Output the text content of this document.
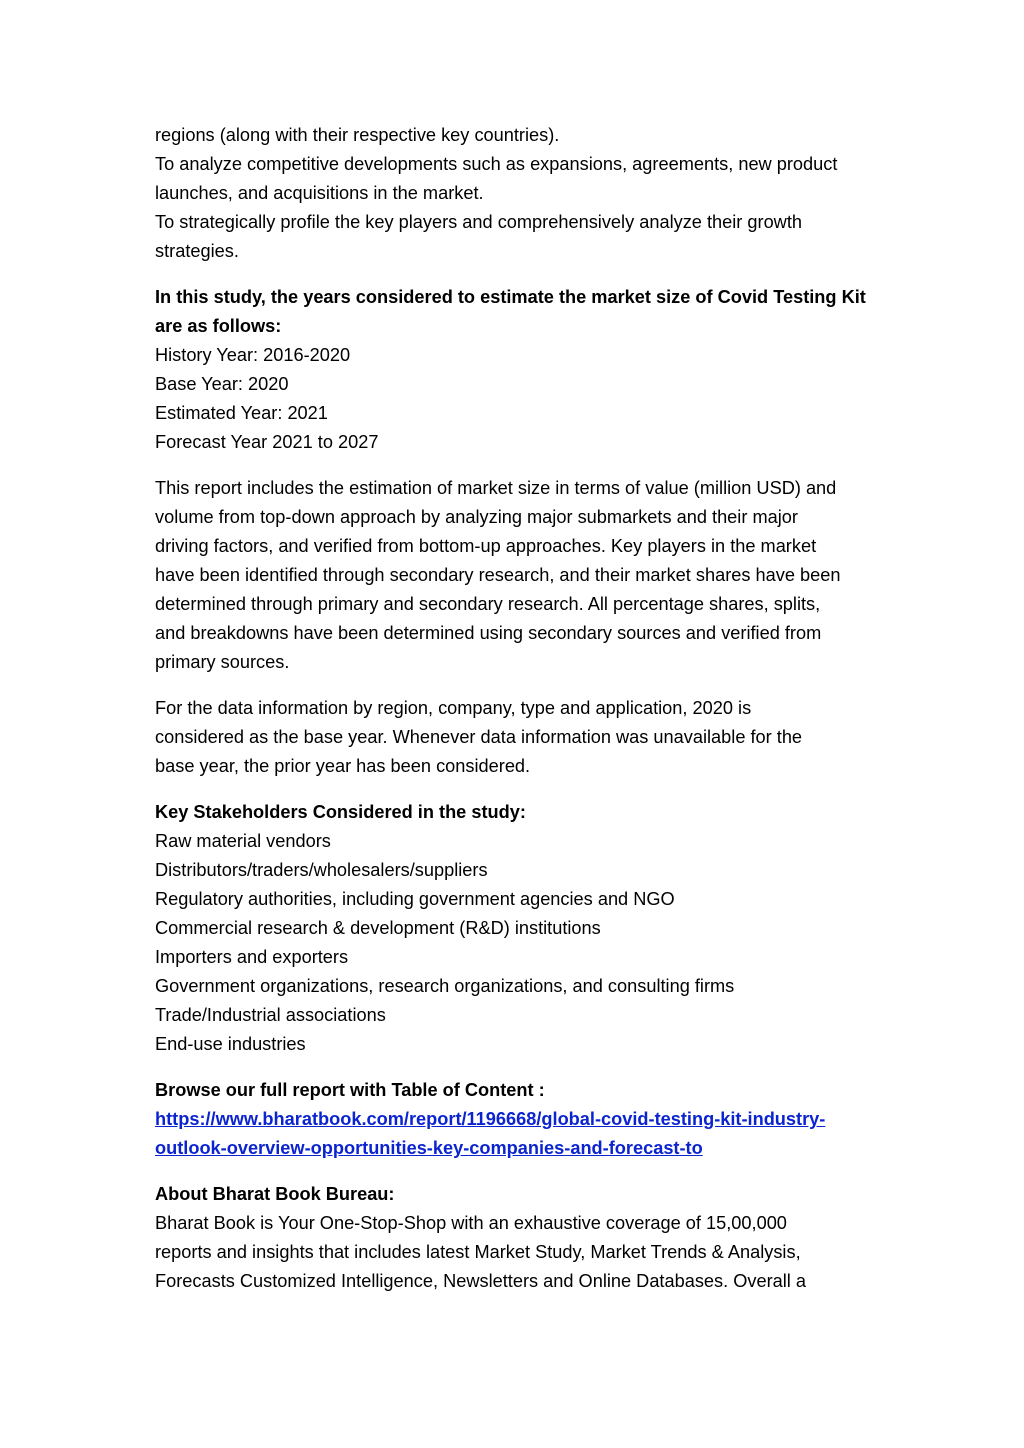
regions (along with their respective key countries).
To analyze competitive developments such as expansions, agreements, new product
launches, and acquisitions in the market.
To strategically profile the key players and comprehensively analyze their growth
strategies.

In this study, the years considered to estimate the market size of Covid Testing Kit
are as follows:
History Year: 2016-2020
Base Year: 2020
Estimated Year: 2021
Forecast Year 2021 to 2027

This report includes the estimation of market size in terms of value (million USD) and
volume from top-down approach by analyzing major submarkets and their major
driving factors, and verified from bottom-up approaches. Key players in the market
have been identified through secondary research, and their market shares have been
determined through primary and secondary research. All percentage shares, splits,
and breakdowns have been determined using secondary sources and verified from
primary sources.

For the data information by region, company, type and application, 2020 is
considered as the base year. Whenever data information was unavailable for the
base year, the prior year has been considered.

Key Stakeholders Considered in the study:
Raw material vendors
Distributors/traders/wholesalers/suppliers
Regulatory authorities, including government agencies and NGO
Commercial research & development (R&D) institutions
Importers and exporters
Government organizations, research organizations, and consulting firms
Trade/Industrial associations
End-use industries

Browse our full report with Table of Content :
https://www.bharatbook.com/report/1196668/global-covid-testing-kit-industry-
outlook-overview-opportunities-key-companies-and-forecast-to

About Bharat Book Bureau:
Bharat Book is Your One-Stop-Shop with an exhaustive coverage of 15,00,000
reports and insights that includes latest Market Study, Market Trends & Analysis,
Forecasts Customized Intelligence, Newsletters and Online Databases. Overall a
